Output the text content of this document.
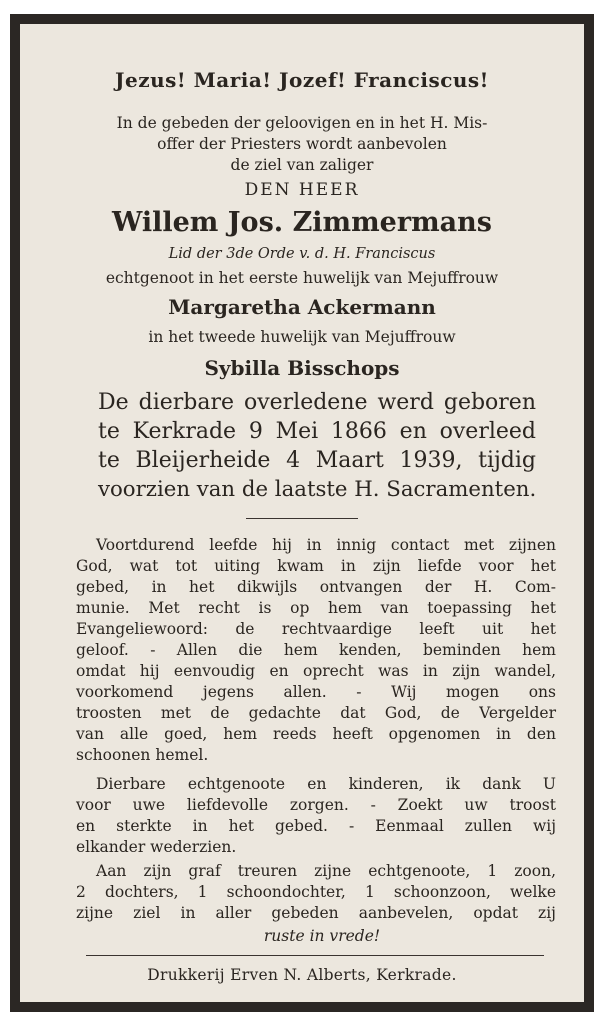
Jezus! Maria! Jozef! Franciscus!
In de gebeden der geloovigen en in het H. Mis-
offer der Priesters wordt aanbevolen
de ziel van zaliger
DEN HEER
Willem Jos. Zimmermans
Lid der 3de Orde v. d. H. Franciscus
echtgenoot in het eerste huwelijk van Mejuffrouw
Margaretha Ackermann
in het tweede huwelijk van Mejuffrouw
Sybilla Bisschops
De dierbare overledene werd geboren
te Kerkrade 9 Mei 1866 en overleed
te Bleijerheide 4 Maart 1939, tijdig
voorzien van de laatste H. Sacramenten.
Voortdurend leefde hij in innig contact met zijnen
God, wat tot uiting kwam in zijn liefde voor het
gebed, in het dikwijls ontvangen der H. Com-
munie. Met recht is op hem van toepassing het
Evangeliewoord: de rechtvaardige leeft uit het
geloof. - Allen die hem kenden, beminden hem
omdat hij eenvoudig en oprecht was in zijn wandel,
voorkomend jegens allen. - Wij mogen ons
troosten met de gedachte dat God, de Vergelder
van alle goed, hem reeds heeft opgenomen in den
schoonen hemel.
Dierbare echtgenoote en kinderen, ik dank U
voor uwe liefdevolle zorgen. - Zoekt uw troost
en sterkte in het gebed. - Eenmaal zullen wij
elkander wederzien.
Aan zijn graf treuren zijne echtgenoote, 1 zoon,
2 dochters, 1 schoondochter, 1 schoonzoon, welke
zijne ziel in aller gebeden aanbevelen, opdat zij
ruste in vrede!
Drukkerij Erven N. Alberts, Kerkrade.
